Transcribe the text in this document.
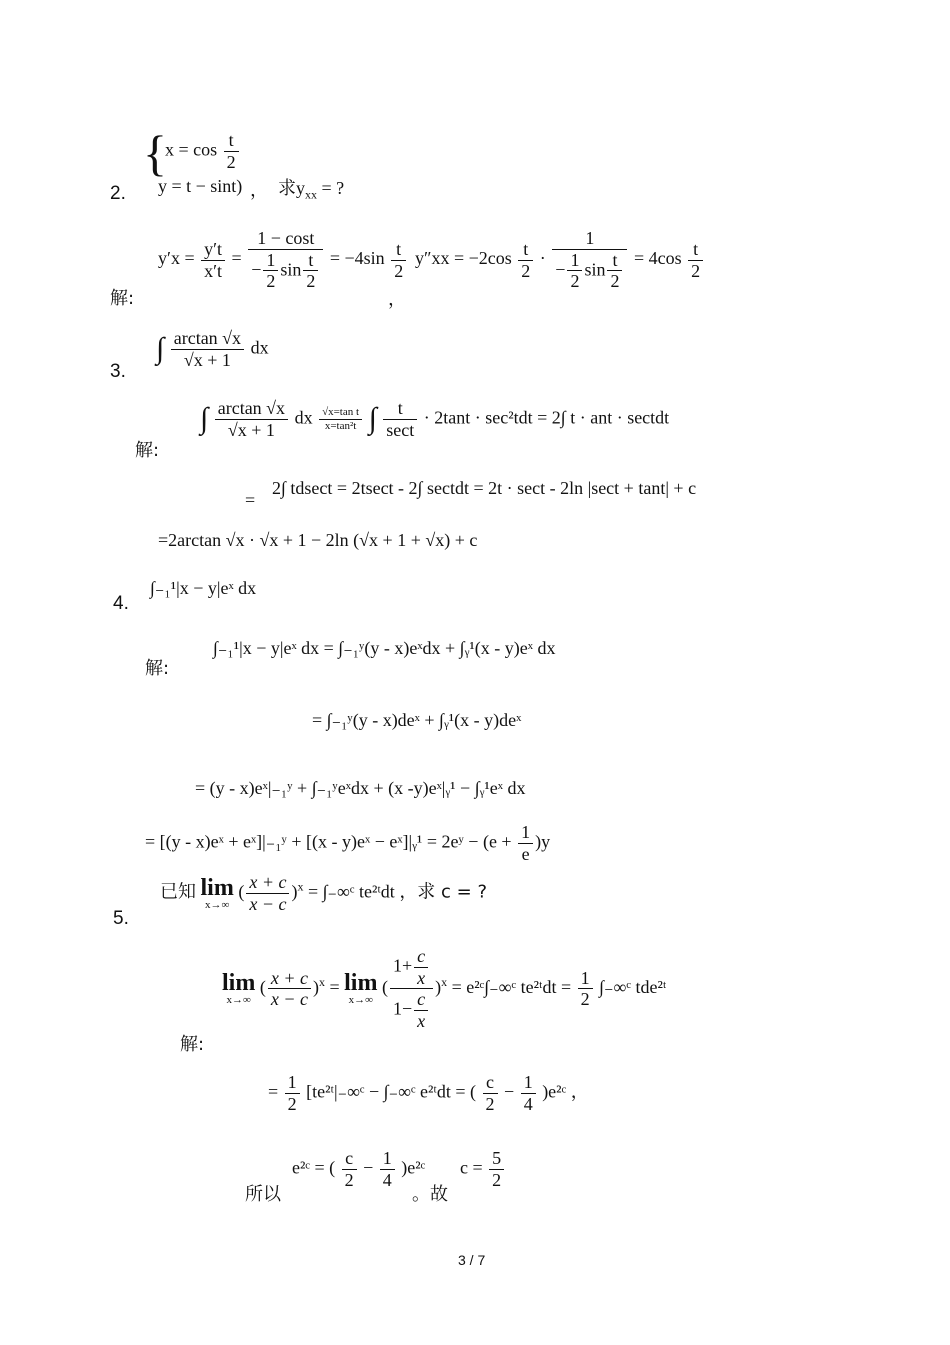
2.
{
$x = \cos \frac{t}{2}$
y = t − sint) ， 求$y_{xx}$ = ?
解:
$y'x = \frac{y't}{x't} = \frac{1 - \cos t}{- \frac{1}{2} \sin \frac{t}{2}} = -4\sin \frac{t}{2}$
，
$y''xx = -2\cos \frac{t}{2} \cdot \frac{1}{- \frac{1}{2} \sin \frac{t}{2}} = 4\cos \frac{t}{2}$
3.
∫ $\frac{\arctan √x}{√x + 1}$ dx
解:
∫ $\frac{\arctan √x}{√x + 1}$ dx $\frac{\text{√x=tan t}}{\text{x=tan²t}}$ ∫ $\frac{t}{\sec t} \cdot 2\tan t \cdot \sec^2tdt = 2\int$ t · ant · sectdt
=
2∫ tdsect = 2tsect - 2∫ sectdt = 2t · sect - 2ln |sect + tant| + c
=2arctan √x · √x + 1 − 2ln (√x + 1 + √x) + c
4.
∫₋₁¹|x − y|eˣ dx
解:
∫₋₁¹|x − y|eˣ dx = ∫₋₁ʸ(y - x)eˣdx + ∫ᵧ¹(x - y)eˣ dx
= ∫₋₁ʸ(y - x)deˣ + ∫ᵧ¹(x - y)deˣ
= (y - x)eˣ|₋₁ʸ + ∫₋₁ʸeˣdx + (x -y)eˣ|ᵧ¹ − ∫ᵧ¹eˣ dx
= [(y - x)eˣ + eˣ]|₋₁ʸ + [(x - y)eˣ − eˣ]|ᵧ¹ = 2eʸ − $(e + \frac{1}{e} )y$
5.
已知 lim
x→∞
( $\frac{x + c}{x - c} )^x$ = ∫₋∞ᶜ te²ᵗdt ，求 c = ?
解:
lim
x→∞
( $\frac{x + c}{x - c} )^x = \lim$
x→∞
( $\frac{1+ \frac{c}{x}}{1- \frac{c}{x}} )^x$ = e²ᶜ∫₋∞ᶜ te²ᵗdt = $\frac{1}{2}$ ∫₋∞ᶜ tde²ᵗ
= $\frac{1}{2}$ [te²ᵗ|₋∞ᶜ − ∫₋∞ᶜ e²ᵗdt = ( $\frac{c}{2} - \frac{1}{4}$ )e²ᶜ ，
所以
e²ᶜ = ( $\frac{c}{2} - \frac{1}{4}$ )e²ᶜ
。故
$c = \frac{5}{2}$
3 / 7
